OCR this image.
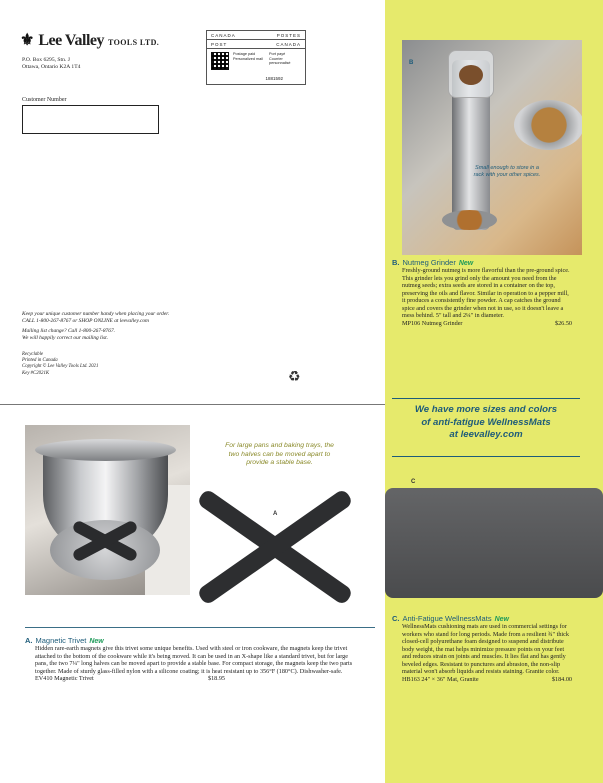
⚜ Lee Valley TOOLS LTD.
P.O. Box 6295, Stn. J
Ottawa, Ontario K2A 1T4
Customer Number
CANADA	POSTES
POST	CANADA
Postage paid
Personalized mail
Port payé
Courrier personnalisé
1881592
Keep your unique customer number handy when placing your order.
CALL 1-800-267-8767 or SHOP ONLINE at leevalley.com
Mailing list change? Call 1-800-267-8767.
We will happily correct our mailing list.
Recyclable
Printed in Canada
Copyright © Lee Valley Tools Ltd. 2021
Key #C2021K	♻
For large pans and baking trays, the two halves can be moved apart to provide a stable base.
A
A. Magnetic Trivet New
Hidden rare-earth magnets give this trivet some unique benefits. Used with steel or iron cookware, the magnets keep the trivet attached to the bottom of the cookware while it's being moved. It can be used in an X-shape like a standard trivet, but for large pans, the two 7¼" long halves can be moved apart to provide a stable base. For compact storage, the magnets keep the two parts together. Made of sturdy glass-filled nylon with a silicone coating; it is heat resistant up to 356°F (180°C). Dishwasher-safe.
EV410 Magnetic Trivet	$18.95
B
Small enough to store in a rack with your other spices.
B. Nutmeg Grinder New
Freshly-ground nutmeg is more flavorful than the pre-ground spice. This grinder lets you grind only the amount you need from the nutmeg seeds; extra seeds are stored in a container on the top, preserving the oils and flavor. Similar in operation to a pepper mill, it produces a consistently fine powder. A cap catches the ground spice and covers the grinder when not in use, so it doesn't leave a mess behind. 5" tall and 2¼" in diameter.
MP106 Nutmeg Grinder	$26.50
We have more sizes and colors
of anti-fatigue WellnessMats
at leevalley.com
C
C. Anti-Fatigue WellnessMats New
WellnessMats cushioning mats are used in commercial settings for workers who stand for long periods. Made from a resilient ¾" thick closed-cell polyurethane foam designed to suspend and distribute body weight, the mat helps minimize pressure points on your feet and reduces strain on joints and muscles. It lies flat and has gently beveled edges. Resistant to punctures and abrasion, the non-slip material won't absorb liquids and resists staining. Granite color.
HB163 24" × 36" Mat, Granite	$184.00
